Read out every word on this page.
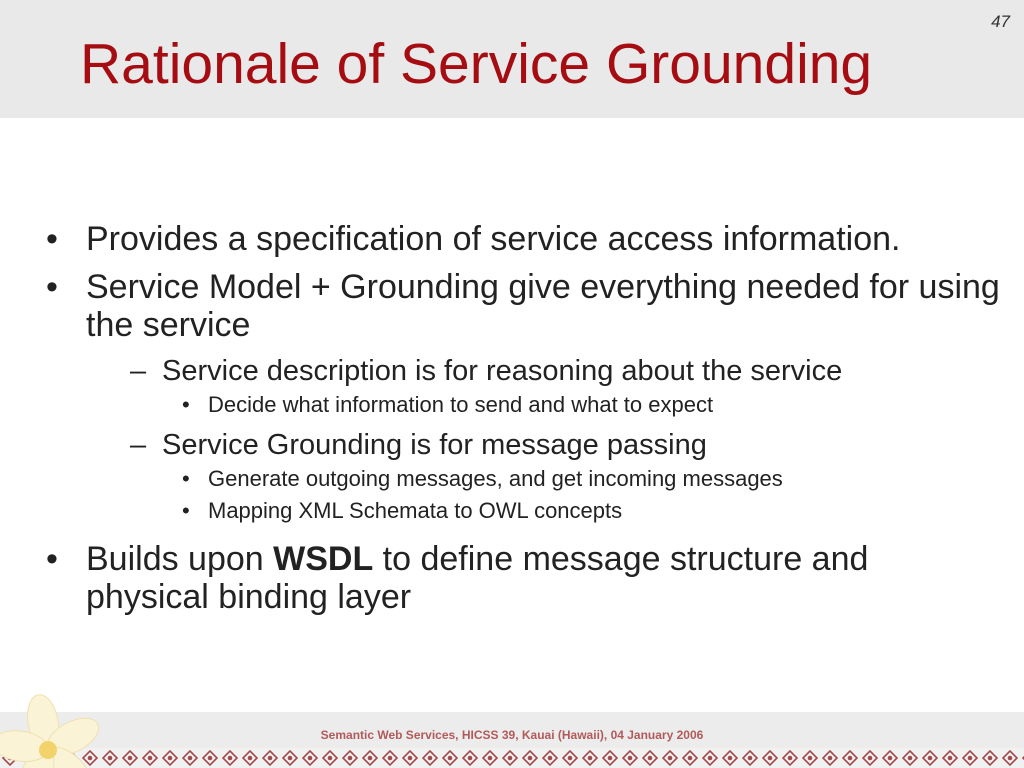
47
Rationale of Service Grounding
• Provides a specification of service access information.
• Service Model + Grounding give everything needed for using the service
– Service description is for reasoning about the service
• Decide what information to send and what to expect
– Service Grounding is for message passing
• Generate outgoing messages, and get incoming messages
• Mapping XML Schemata to OWL concepts
• Builds upon WSDL to define message structure and physical binding layer
Semantic Web Services, HICSS 39, Kauai (Hawaii), 04 January 2006
